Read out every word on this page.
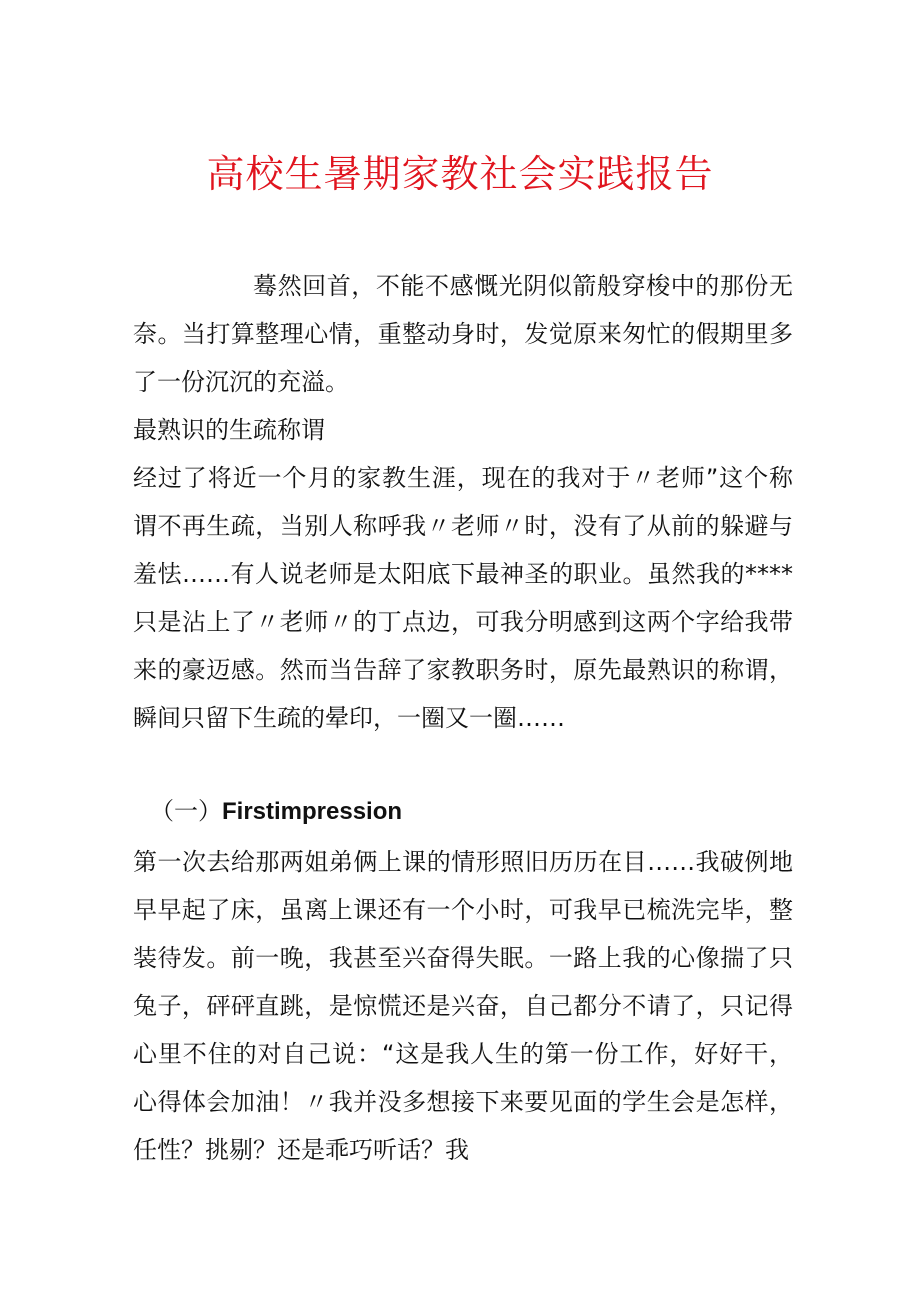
高校生暑期家教社会实践报告

蓦然回首，不能不感慨光阴似箭般穿梭中的那份无奈。当打算整理心情，重整动身时，发觉原来匆忙的假期里多了一份沉沉的充溢。

最熟识的生疏称谓

经过了将近一个月的家教生涯，现在的我对于〃老师”这个称谓不再生疏，当别人称呼我〃老师〃时，没有了从前的躲避与羞怯……有人说老师是太阳底下最神圣的职业。虽然我的****只是沾上了〃老师〃的丁点边，可我分明感到这两个字给我带来的豪迈感。然而当告辞了家教职务时，原先最熟识的称谓，瞬间只留下生疏的晕印，一圈又一圈……

（一）Firstimpression

第一次去给那两姐弟俩上课的情形照旧历历在目……我破例地早早起了床，虽离上课还有一个小时，可我早已梳洗完毕，整装待发。前一晚，我甚至兴奋得失眠。一路上我的心像揣了只兔子，砰砰直跳，是惊慌还是兴奋，自己都分不请了，只记得心里不住的对自己说：“这是我人生的第一份工作，好好干，心得体会加油！〃我并没多想接下来要见面的学生会是怎样，任性？挑剔？还是乖巧听话？我
